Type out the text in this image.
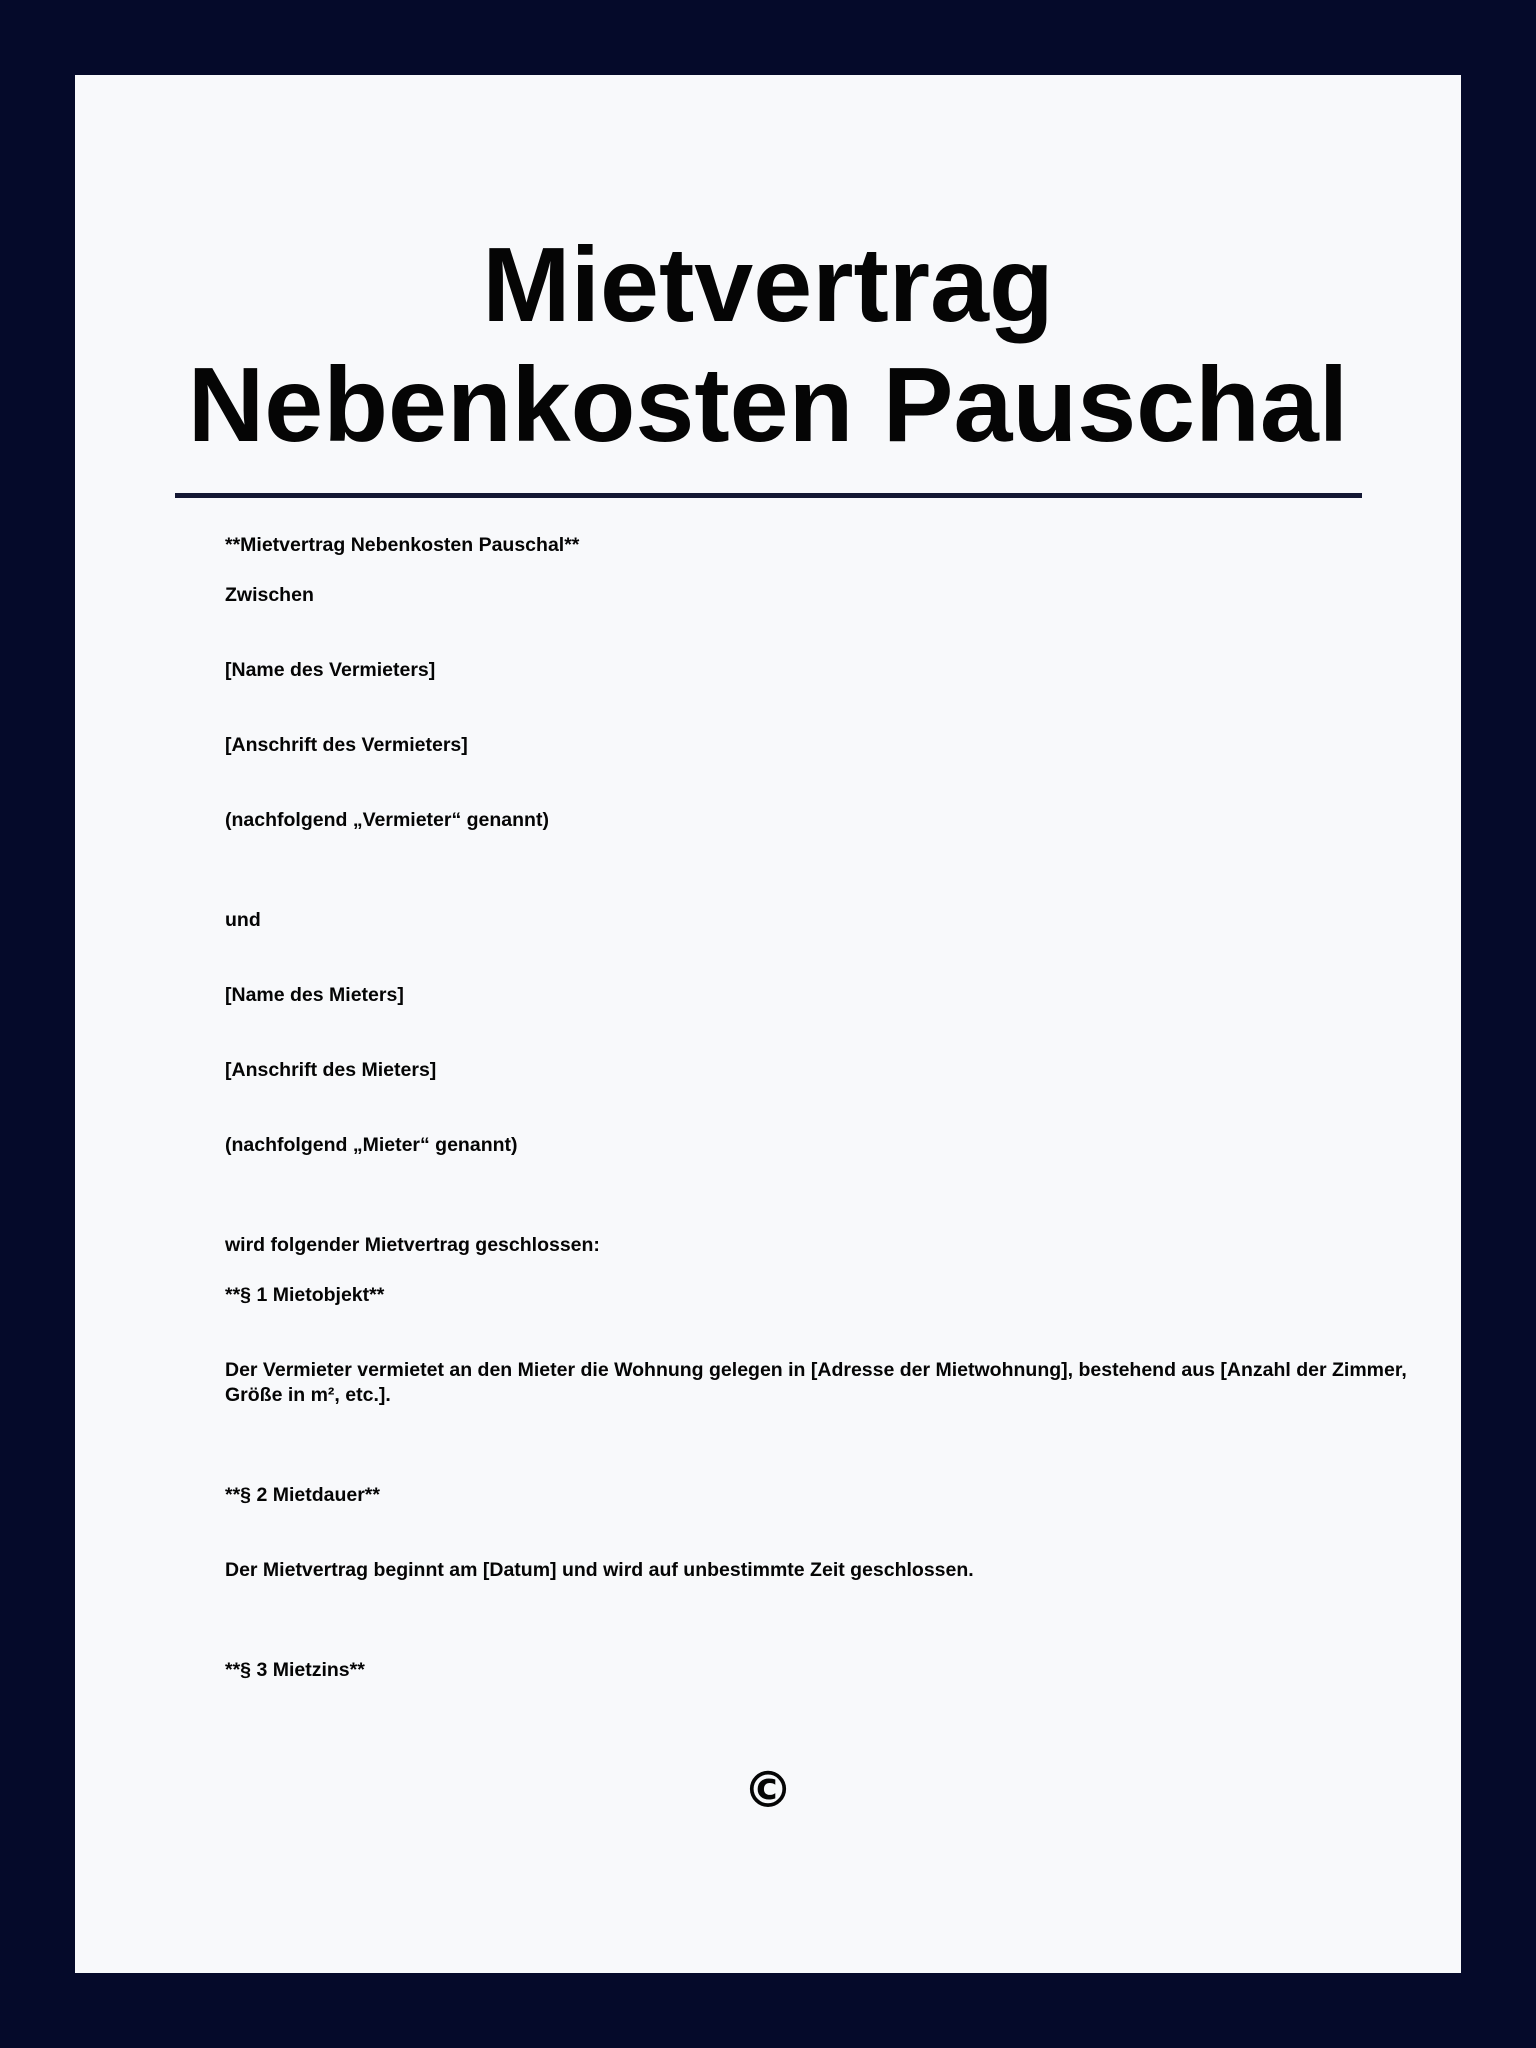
Mietvertrag
Nebenkosten Pauschal

**Mietvertrag Nebenkosten Pauschal**

Zwischen

[Name des Vermieters]

[Anschrift des Vermieters]

(nachfolgend „Vermieter“ genannt)

und

[Name des Mieters]

[Anschrift des Mieters]

(nachfolgend „Mieter“ genannt)

wird folgender Mietvertrag geschlossen:

**§ 1 Mietobjekt**

Der Vermieter vermietet an den Mieter die Wohnung gelegen in [Adresse der Mietwohnung], bestehend aus [Anzahl der Zimmer, Größe in m², etc.].

**§ 2 Mietdauer**

Der Mietvertrag beginnt am [Datum] und wird auf unbestimmte Zeit geschlossen.

**§ 3 Mietzins**

©
